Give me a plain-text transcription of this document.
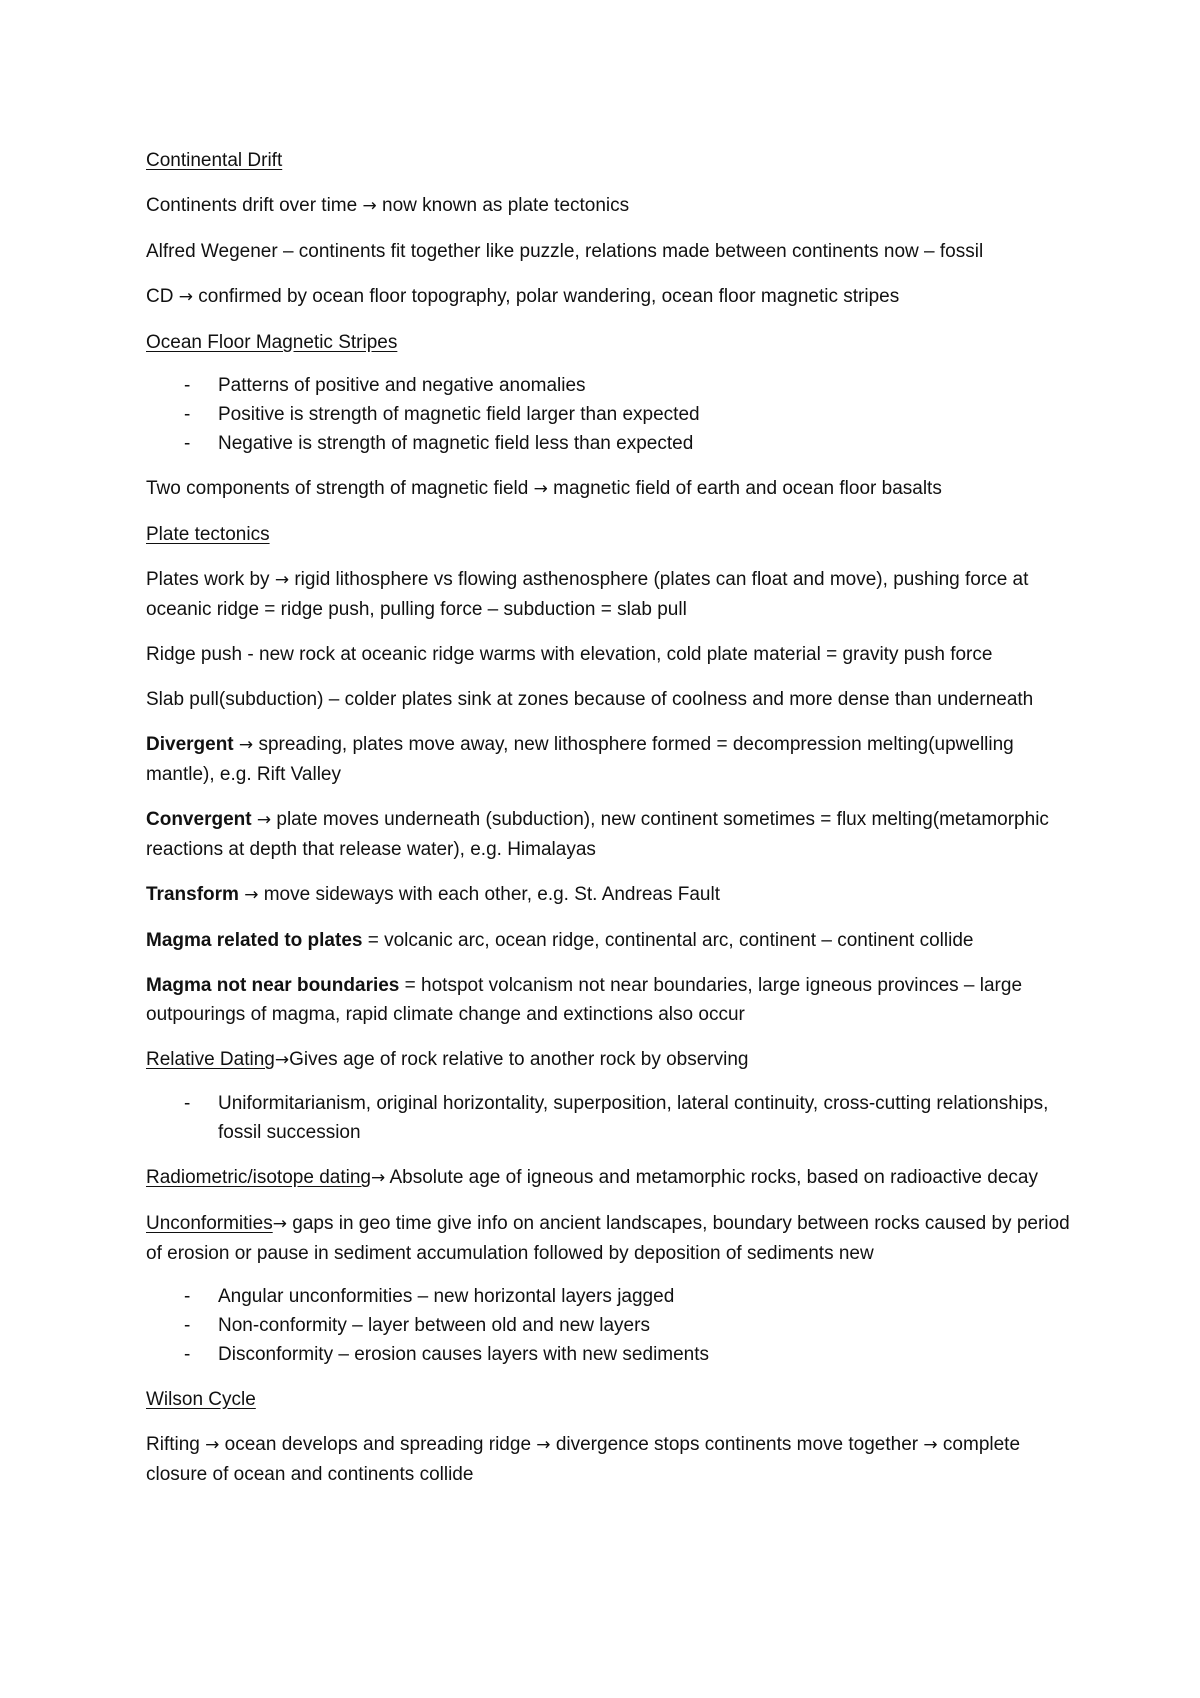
Continental Drift

Continents drift over time → now known as plate tectonics

Alfred Wegener – continents fit together like puzzle, relations made between continents now – fossil

CD → confirmed by ocean floor topography, polar wandering, ocean floor magnetic stripes

Ocean Floor Magnetic Stripes

- Patterns of positive and negative anomalies
- Positive is strength of magnetic field larger than expected
- Negative is strength of magnetic field less than expected

Two components of strength of magnetic field → magnetic field of earth and ocean floor basalts

Plate tectonics

Plates work by → rigid lithosphere vs flowing asthenosphere (plates can float and move), pushing force at oceanic ridge = ridge push, pulling force – subduction = slab pull

Ridge push - new rock at oceanic ridge warms with elevation, cold plate material = gravity push force

Slab pull(subduction) – colder plates sink at zones because of coolness and more dense than underneath

Divergent → spreading, plates move away, new lithosphere formed = decompression melting(upwelling mantle), e.g. Rift Valley

Convergent → plate moves underneath (subduction), new continent sometimes = flux melting(metamorphic reactions at depth that release water), e.g. Himalayas

Transform → move sideways with each other, e.g. St. Andreas Fault

Magma related to plates = volcanic arc, ocean ridge, continental arc, continent – continent collide

Magma not near boundaries = hotspot volcanism not near boundaries, large igneous provinces – large outpourings of magma, rapid climate change and extinctions also occur

Relative Dating→Gives age of rock relative to another rock by observing

- Uniformitarianism, original horizontality, superposition, lateral continuity, cross-cutting relationships, fossil succession

Radiometric/isotope dating→ Absolute age of igneous and metamorphic rocks, based on radioactive decay

Unconformities→ gaps in geo time give info on ancient landscapes, boundary between rocks caused by period of erosion or pause in sediment accumulation followed by deposition of sediments new

- Angular unconformities – new horizontal layers jagged
- Non-conformity – layer between old and new layers
- Disconformity – erosion causes layers with new sediments

Wilson Cycle

Rifting → ocean develops and spreading ridge → divergence stops continents move together → complete closure of ocean and continents collide
